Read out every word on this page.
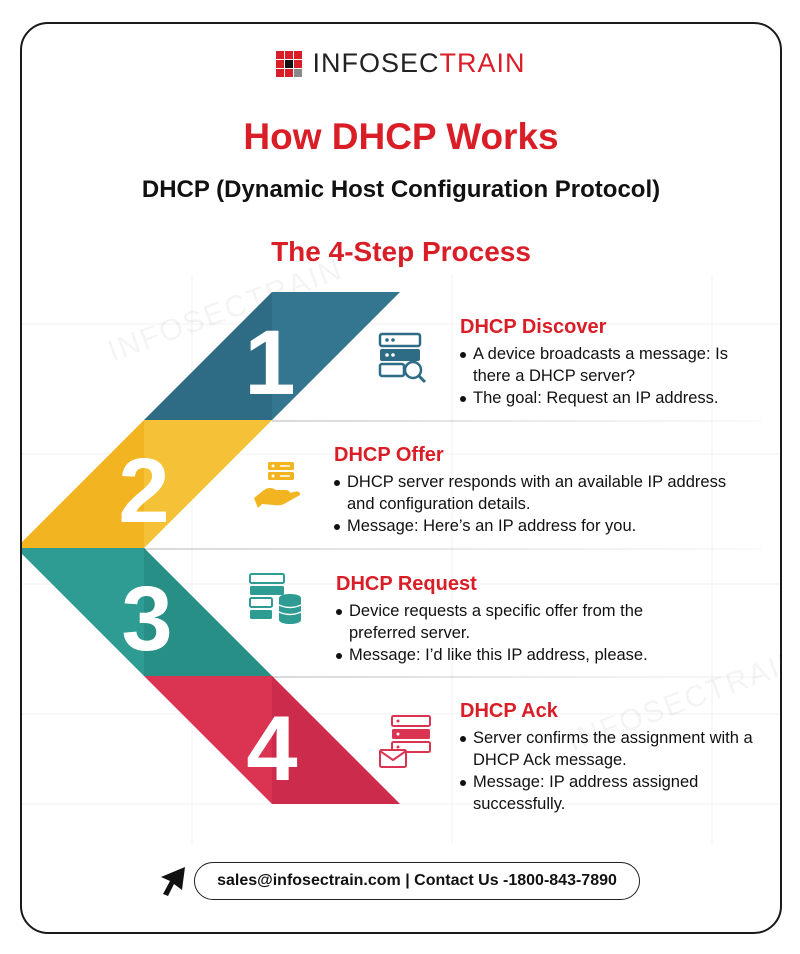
INFOSECTRAIN
How DHCP Works
DHCP (Dynamic Host Configuration Protocol)
The 4-Step Process
1
2
3
4
DHCP Discover
A device broadcasts a message: Is there a DHCP server?
The goal: Request an IP address.
DHCP Offer
DHCP server responds with an available IP address and configuration details.
Message: Here’s an IP address for you.
DHCP Request
Device requests a specific offer from the preferred server.
Message: I’d like this IP address, please.
DHCP Ack
Server confirms the assignment with a DHCP Ack message.
Message: IP address assigned successfully.
sales@infosectrain.com | Contact Us -1800-843-7890
